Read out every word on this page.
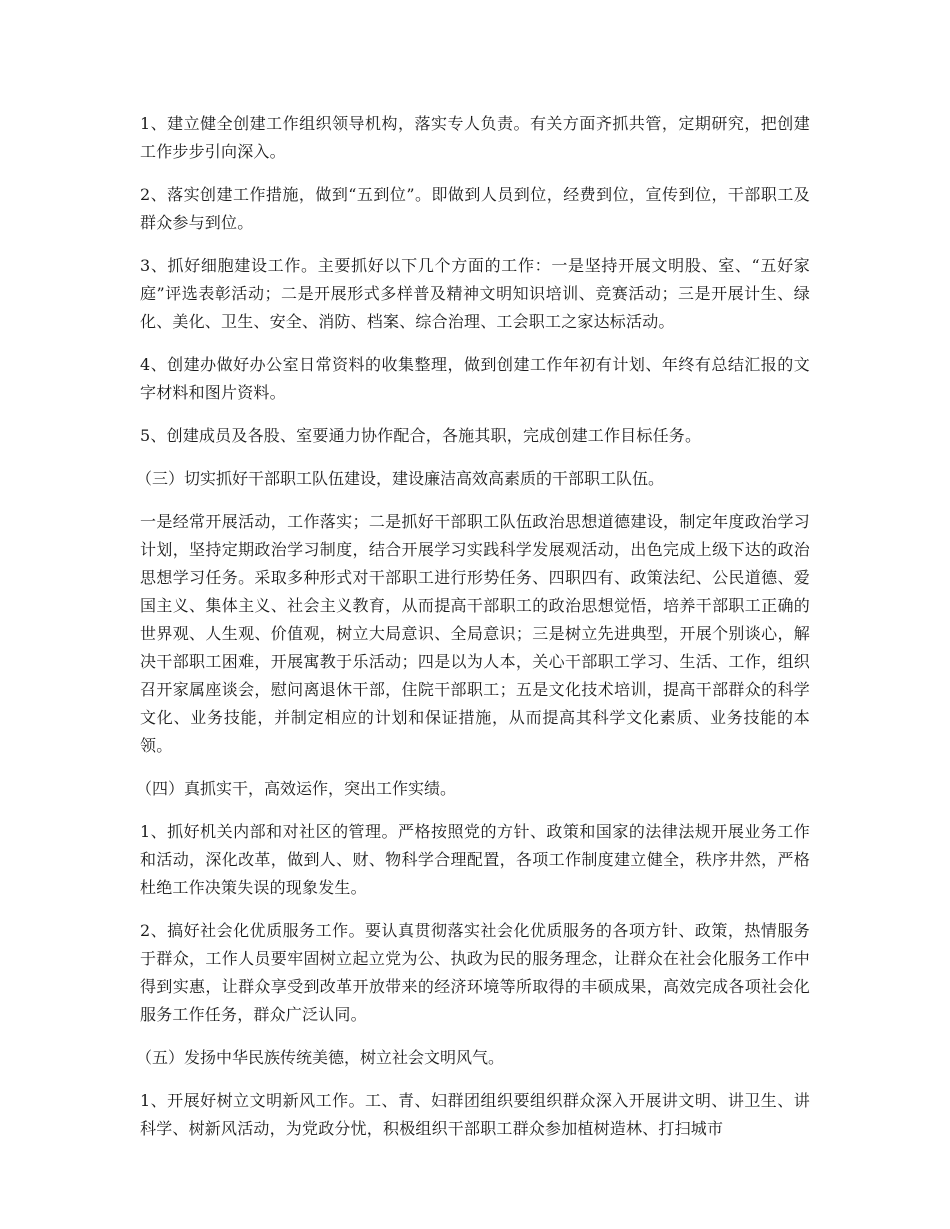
1、建立健全创建工作组织领导机构，落实专人负责。有关方面齐抓共管，定期研究，把创建工作步步引向深入。

2、落实创建工作措施，做到“五到位”。即做到人员到位，经费到位，宣传到位，干部职工及群众参与到位。

3、抓好细胞建设工作。主要抓好以下几个方面的工作：一是坚持开展文明股、室、“五好家庭”评选表彰活动；二是开展形式多样普及精神文明知识培训、竞赛活动；三是开展计生、绿化、美化、卫生、安全、消防、档案、综合治理、工会职工之家达标活动。

4、创建办做好办公室日常资料的收集整理，做到创建工作年初有计划、年终有总结汇报的文字材料和图片资料。

5、创建成员及各股、室要通力协作配合，各施其职，完成创建工作目标任务。

（三）切实抓好干部职工队伍建设，建设廉洁高效高素质的干部职工队伍。

一是经常开展活动，工作落实；二是抓好干部职工队伍政治思想道德建设，制定年度政治学习计划，坚持定期政治学习制度，结合开展学习实践科学发展观活动，出色完成上级下达的政治思想学习任务。采取多种形式对干部职工进行形势任务、四职四有、政策法纪、公民道德、爱国主义、集体主义、社会主义教育，从而提高干部职工的政治思想觉悟，培养干部职工正确的世界观、人生观、价值观，树立大局意识、全局意识；三是树立先进典型，开展个别谈心，解决干部职工困难，开展寓教于乐活动；四是以为人本，关心干部职工学习、生活、工作，组织召开家属座谈会，慰问离退休干部，住院干部职工；五是文化技术培训，提高干部群众的科学文化、业务技能，并制定相应的计划和保证措施，从而提高其科学文化素质、业务技能的本领。

（四）真抓实干，高效运作，突出工作实绩。

1、抓好机关内部和对社区的管理。严格按照党的方针、政策和国家的法律法规开展业务工作和活动，深化改革，做到人、财、物科学合理配置，各项工作制度建立健全，秩序井然，严格杜绝工作决策失误的现象发生。

2、搞好社会化优质服务工作。要认真贯彻落实社会化优质服务的各项方针、政策，热情服务于群众，工作人员要牢固树立起立党为公、执政为民的服务理念，让群众在社会化服务工作中得到实惠，让群众享受到改革开放带来的经济环境等所取得的丰硕成果，高效完成各项社会化服务工作任务，群众广泛认同。

（五）发扬中华民族传统美德，树立社会文明风气。

1、开展好树立文明新风工作。工、青、妇群团组织要组织群众深入开展讲文明、讲卫生、讲科学、树新风活动，为党政分忧，积极组织干部职工群众参加植树造林、打扫城市
